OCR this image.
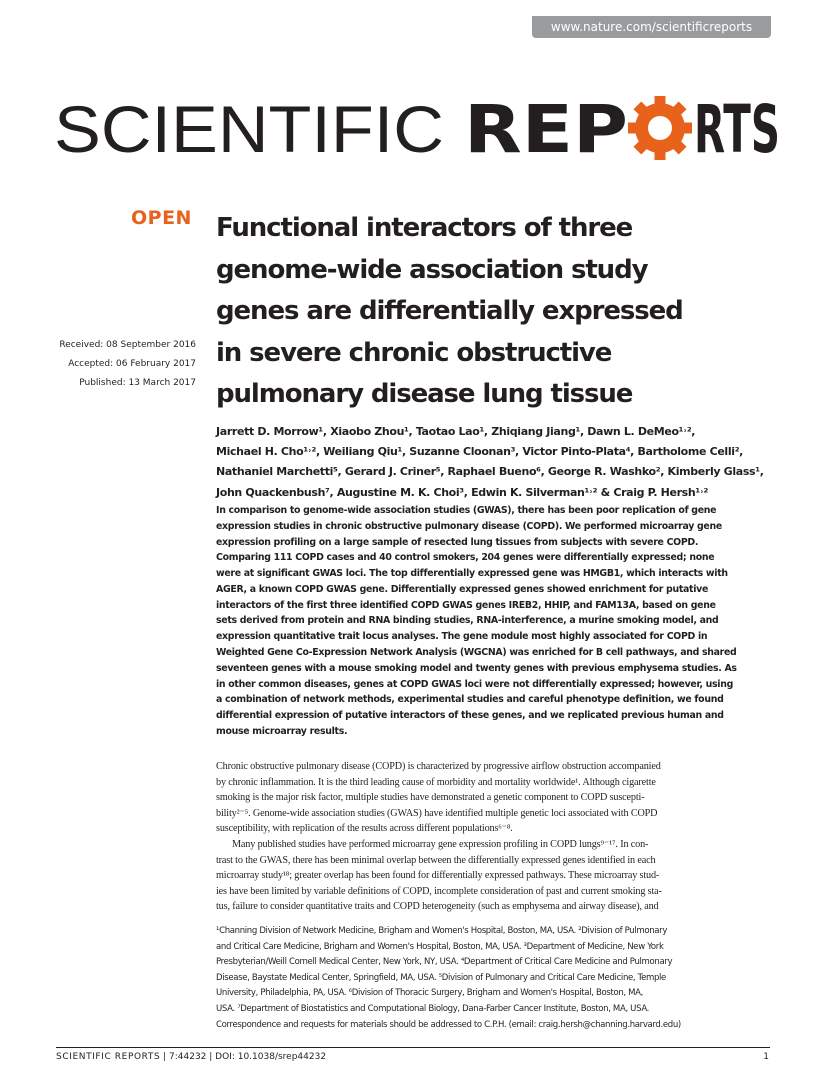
www.nature.com/scientificreports
SCIENTIFIC REP RTS
OPEN
Received: 08 September 2016
Accepted: 06 February 2017
Published: 13 March 2017
Functional interactors of three
genome-wide association study
genes are differentially expressed
in severe chronic obstructive
pulmonary disease lung tissue
Jarrett D. Morrow¹, Xiaobo Zhou¹, Taotao Lao¹, Zhiqiang Jiang¹, Dawn L. DeMeo¹˒²,
Michael H. Cho¹˒², Weiliang Qiu¹, Suzanne Cloonan³, Victor Pinto-Plata⁴, Bartholome Celli²,
Nathaniel Marchetti⁵, Gerard J. Criner⁵, Raphael Bueno⁶, George R. Washko², Kimberly Glass¹,
John Quackenbush⁷, Augustine M. K. Choi³, Edwin K. Silverman¹˒² & Craig P. Hersh¹˒²
In comparison to genome-wide association studies (GWAS), there has been poor replication of gene
expression studies in chronic obstructive pulmonary disease (COPD). We performed microarray gene
expression profiling on a large sample of resected lung tissues from subjects with severe COPD.
Comparing 111 COPD cases and 40 control smokers, 204 genes were differentially expressed; none
were at significant GWAS loci. The top differentially expressed gene was HMGB1, which interacts with
AGER, a known COPD GWAS gene. Differentially expressed genes showed enrichment for putative
interactors of the first three identified COPD GWAS genes IREB2, HHIP, and FAM13A, based on gene
sets derived from protein and RNA binding studies, RNA-interference, a murine smoking model, and
expression quantitative trait locus analyses. The gene module most highly associated for COPD in
Weighted Gene Co-Expression Network Analysis (WGCNA) was enriched for B cell pathways, and shared
seventeen genes with a mouse smoking model and twenty genes with previous emphysema studies. As
in other common diseases, genes at COPD GWAS loci were not differentially expressed; however, using
a combination of network methods, experimental studies and careful phenotype definition, we found
differential expression of putative interactors of these genes, and we replicated previous human and
mouse microarray results.
Chronic obstructive pulmonary disease (COPD) is characterized by progressive airflow obstruction accompanied
by chronic inflammation. It is the third leading cause of morbidity and mortality worldwide¹. Although cigarette
smoking is the major risk factor, multiple studies have demonstrated a genetic component to COPD suscepti-
bility²⁻⁵. Genome-wide association studies (GWAS) have identified multiple genetic loci associated with COPD
susceptibility, with replication of the results across different populations⁶⁻⁸.
Many published studies have performed microarray gene expression profiling in COPD lungs⁹⁻¹⁷. In con-
trast to the GWAS, there has been minimal overlap between the differentially expressed genes identified in each
microarray study¹⁸; greater overlap has been found for differentially expressed pathways. These microarray stud-
ies have been limited by variable definitions of COPD, incomplete consideration of past and current smoking sta-
tus, failure to consider quantitative traits and COPD heterogeneity (such as emphysema and airway disease), and
¹Channing Division of Network Medicine, Brigham and Women's Hospital, Boston, MA, USA. ²Division of Pulmonary
and Critical Care Medicine, Brigham and Women's Hospital, Boston, MA, USA. ³Department of Medicine, New York
Presbyterian/Weill Cornell Medical Center, New York, NY, USA. ⁴Department of Critical Care Medicine and Pulmonary
Disease, Baystate Medical Center, Springfield, MA, USA. ⁵Division of Pulmonary and Critical Care Medicine, Temple
University, Philadelphia, PA, USA. ⁶Division of Thoracic Surgery, Brigham and Women's Hospital, Boston, MA,
USA. ⁷Department of Biostatistics and Computational Biology, Dana-Farber Cancer Institute, Boston, MA, USA.
Correspondence and requests for materials should be addressed to C.P.H. (email: craig.hersh@channing.harvard.edu)
SCIENTIFIC REPORTS | 7:44232 | DOI: 10.1038/srep44232	1
